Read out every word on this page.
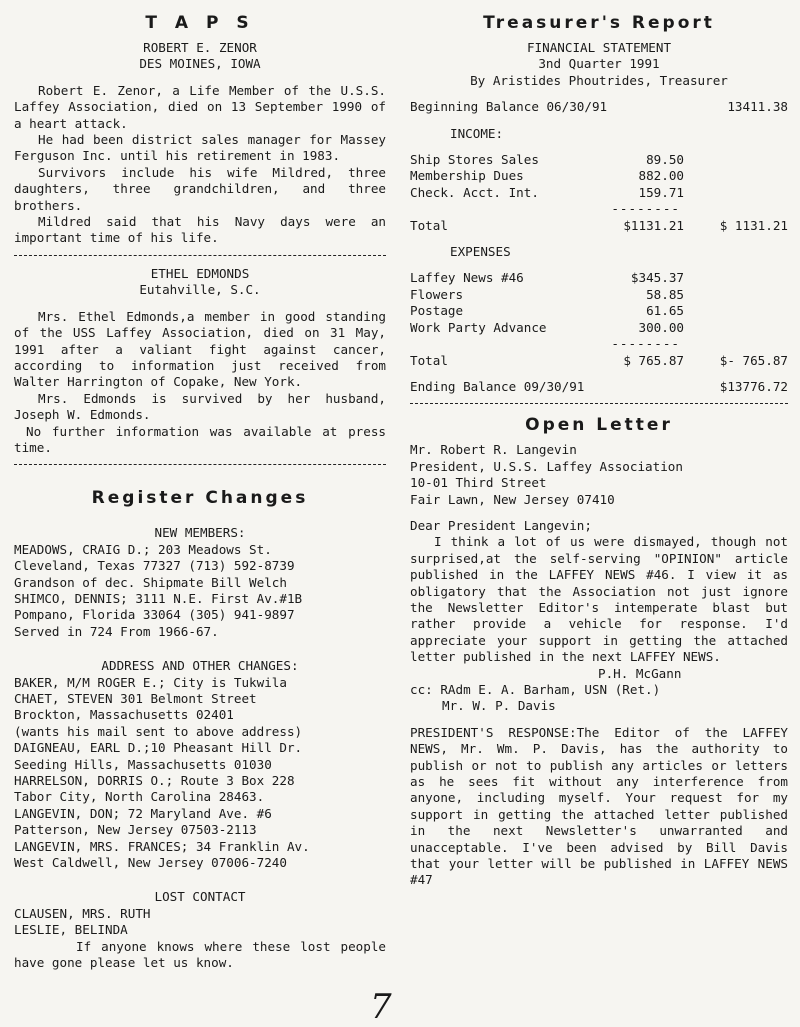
T A P S
ROBERT E. ZENOR
DES MOINES, IOWA

Robert E. Zenor, a Life Member of the U.S.S. Laffey Association, died on 13 September 1990 of a heart attack.

He had been district sales manager for Massey Ferguson Inc. until his retirement in 1983.

Survivors include his wife Mildred, three daughters, three grandchildren, and three brothers.

Mildred said that his Navy days were an important time of his life.

ETHEL EDMONDS
Eutahville, S.C.

Mrs. Ethel Edmonds,a member in good standing of the USS Laffey Association, died on 31 May, 1991 after a valiant fight against cancer, according to information just received from Walter Harrington of Copake, New York.

Mrs. Edmonds is survived by her husband, Joseph W. Edmonds.

No further information was available at press time.

Register Changes
NEW MEMBERS:
MEADOWS, CRAIG D.; 203 Meadows St.
Cleveland, Texas 77327 (713) 592-8739
Grandson of dec. Shipmate Bill Welch
SHIMCO, DENNIS; 3111 N.E. First Av.#1B
Pompano, Florida 33064 (305) 941-9897
Served in 724 From 1966-67.
ADDRESS AND OTHER CHANGES:
BAKER, M/M ROGER E.; City is Tukwila
CHAET, STEVEN 301 Belmont Street
Brockton, Massachusetts 02401
(wants his mail sent to above address)
DAIGNEAU, EARL D.;10 Pheasant Hill Dr.
Seeding Hills, Massachusetts 01030
HARRELSON, DORRIS O.; Route 3 Box 228
Tabor City, North Carolina 28463.
LANGEVIN, DON; 72 Maryland Ave. #6
Patterson, New Jersey 07503-2113
LANGEVIN, MRS. FRANCES; 34 Franklin Av.
West Caldwell, New Jersey 07006-7240
LOST CONTACT
CLAUSEN, MRS. RUTH
LESLIE, BELINDA

If anyone knows where these lost people have gone please let us know.

Treasurer's Report
FINANCIAL STATEMENT
3nd Quarter 1991
By Aristides Phoutrides, Treasurer
Beginning Balance 06/30/91	13411.38
INCOME:
Ship Stores Sales	89.50
Membership Dues	882.00
Check. Acct. Int.	159.71
--------
Total	$1131.21	$ 1131.21
EXPENSES
Laffey News #46	$345.37
Flowers	58.85
Postage	61.65
Work Party Advance	300.00
--------
Total	$ 765.87	$- 765.87
Ending Balance 09/30/91	$13776.72
Open Letter
Mr. Robert R. Langevin
President, U.S.S. Laffey Association
10-01 Third Street
Fair Lawn, New Jersey 07410
Dear President Langevin;

I think a lot of us were dismayed, though not surprised,at the self-serving "OPINION" article published in the LAFFEY NEWS #46. I view it as obligatory that the Association not just ignore the Newsletter Editor's intemperate blast but rather provide a vehicle for response. I'd appreciate your support in getting the attached letter published in the next LAFFEY NEWS.

P.H. McGann
cc: RAdm E. A. Barham, USN (Ret.)
Mr. W. P. Davis

PRESIDENT'S RESPONSE:The Editor of the LAFFEY NEWS, Mr. Wm. P. Davis, has the authority to publish or not to publish any articles or letters as he sees fit without any interference from anyone, including myself. Your request for my support in getting the attached letter published in the next Newsletter's unwarranted and unacceptable. I've been advised by Bill Davis that your letter will be published in LAFFEY NEWS #47

7
